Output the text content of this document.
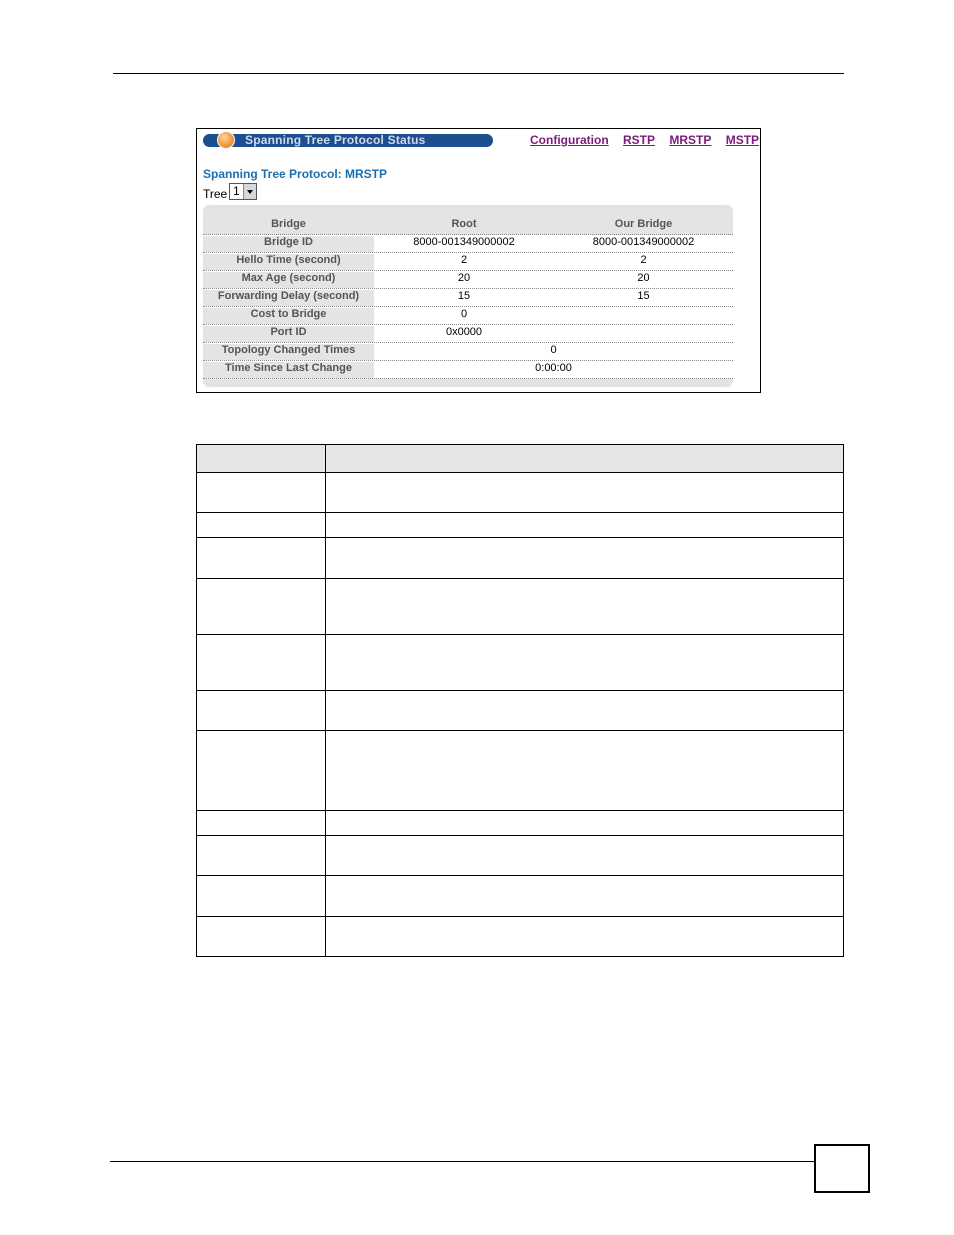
Spanning Tree Protocol Status	Configuration RSTP MRSTP MSTP
Spanning Tree Protocol: MRSTP
Tree 1
Bridge	Root	Our Bridge
Bridge ID	8000-001349000002	8000-001349000002
Hello Time (second)	2	2
Max Age (second)	20	20
Forwarding Delay (second)	15	15
Cost to Bridge	0
Port ID	0x0000
Topology Changed Times	0
Time Since Last Change	0:00:00
